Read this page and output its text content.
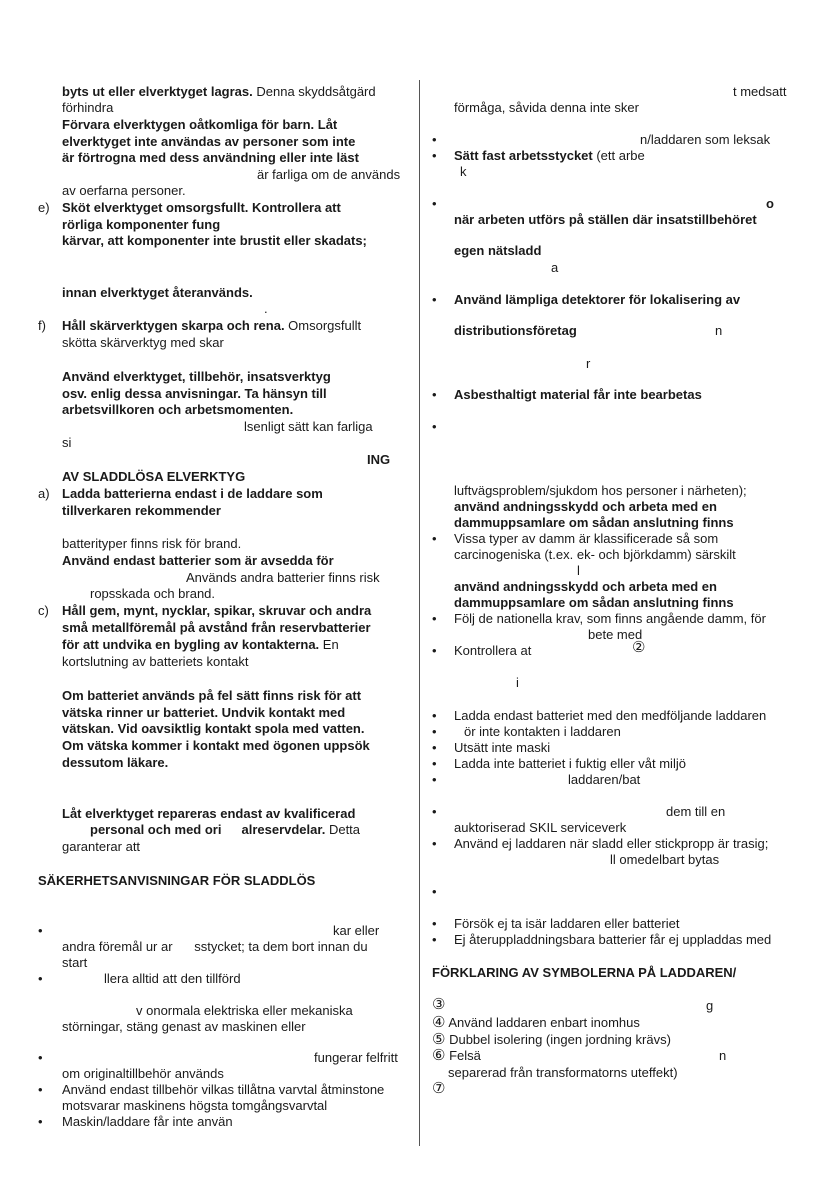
byts ut eller elverktyget lagras. Denna skyddsåtgärd
förhindra
Förvara elverktygen oåtkomliga för barn. Låt
elverktyget inte användas av personer som inte
är förtrogna med dess användning eller inte läst
är farliga om de används
av oerfarna personer.
e) Sköt elverktyget omsorgsfullt. Kontrollera att
rörliga komponenter fung
kärvar, att komponenter inte brustit eller skadats;
innan elverktyget återanvänds.
.
f) Håll skärverktygen skarpa och rena. Omsorgsfullt
skötta skärverktyg med skar
Använd elverktyget, tillbehör, insatsverktyg
osv. enlig dessa anvisningar. Ta hänsyn till
arbetsvillkoren och arbetsmomenten.
lsenligt sätt kan farliga
si
ING
AV SLADDLÖSA ELVERKTYG
a) Ladda batterierna endast i de laddare som
tillverkaren rekommender
batterityper finns risk för brand.
Använd endast batterier som är avsedda för
Används andra batterier finns risk
ropsskada och brand.
c) Håll gem, mynt, nycklar, spikar, skruvar och andra
små metallföremål på avstånd från reservbatterier
för att undvika en bygling av kontakterna. En
kortslutning av batteriets kontakt
Om batteriet används på fel sätt finns risk för att
vätska rinner ur batteriet. Undvik kontakt med
vätskan. Vid oavsiktlig kontakt spola med vatten.
Om vätska kommer i kontakt med ögonen uppsök
dessutom läkare.
Låt elverktyget repareras endast av kvalificerad
personal och med ori alreservdelar. Detta
garanterar att
SÄKERHETSANVISNINGAR FÖR SLADDLÖS
•	kar eller
andra föremål ur ar      sstycket; ta dem bort innan du
start
•	llera alltid att den tillförd
v onormala elektriska eller mekaniska
störningar, stäng genast av maskinen eller
•	fungerar felfritt
om originaltillbehör används
• Använd endast tillbehör vilkas tillåtna varvtal åtminstone
motsvarar maskinens högsta tomgångsvarvtal
• Maskin/laddare får inte använ
t medsatt
förmåga, såvida denna inte sker
•	n/laddaren som leksak
• Sätt fast arbetsstycket (ett arbe
k
•	o
när arbeten utförs på ställen där insatstillbehöret
egen nätsladd
a
• Använd lämpliga detektorer för lokalisering av
distributionsföretag	n
r
• Asbesthaltigt material får inte bearbetas
•
luftvägsproblem/sjukdom hos personer i närheten);
använd andningsskydd och arbeta med en
dammuppsamlare om sådan anslutning finns
• Vissa typer av damm är klassificerade så som
carcinogeniska (t.ex. ek- och björkdamm) särskilt
l
använd andningsskydd och arbeta med en
dammuppsamlare om sådan anslutning finns
• Följ de nationella krav, som finns angående damm, för
bete med
• Kontrollera at	②
i
• Ladda endast batteriet med den medföljande laddaren
• ör inte kontakten i laddaren
• Utsätt inte maski
• Ladda inte batteriet i fuktig eller våt miljö
•	laddaren/bat
•	dem till en
auktoriserad SKIL serviceverk
• Använd ej laddaren när sladd eller stickpropp är trasig;
ll omedelbart bytas
•
• Försök ej ta isär laddaren eller batteriet
• Ej återuppladdningsbara batterier får ej uppladdas med
FÖRKLARING AV SYMBOLERNA PÅ LADDAREN/
③	g
④ Använd laddaren enbart inomhus
⑤ Dubbel isolering (ingen jordning krävs)
⑥ Felsä	n
separerad från transformatorns uteffekt)
⑦
